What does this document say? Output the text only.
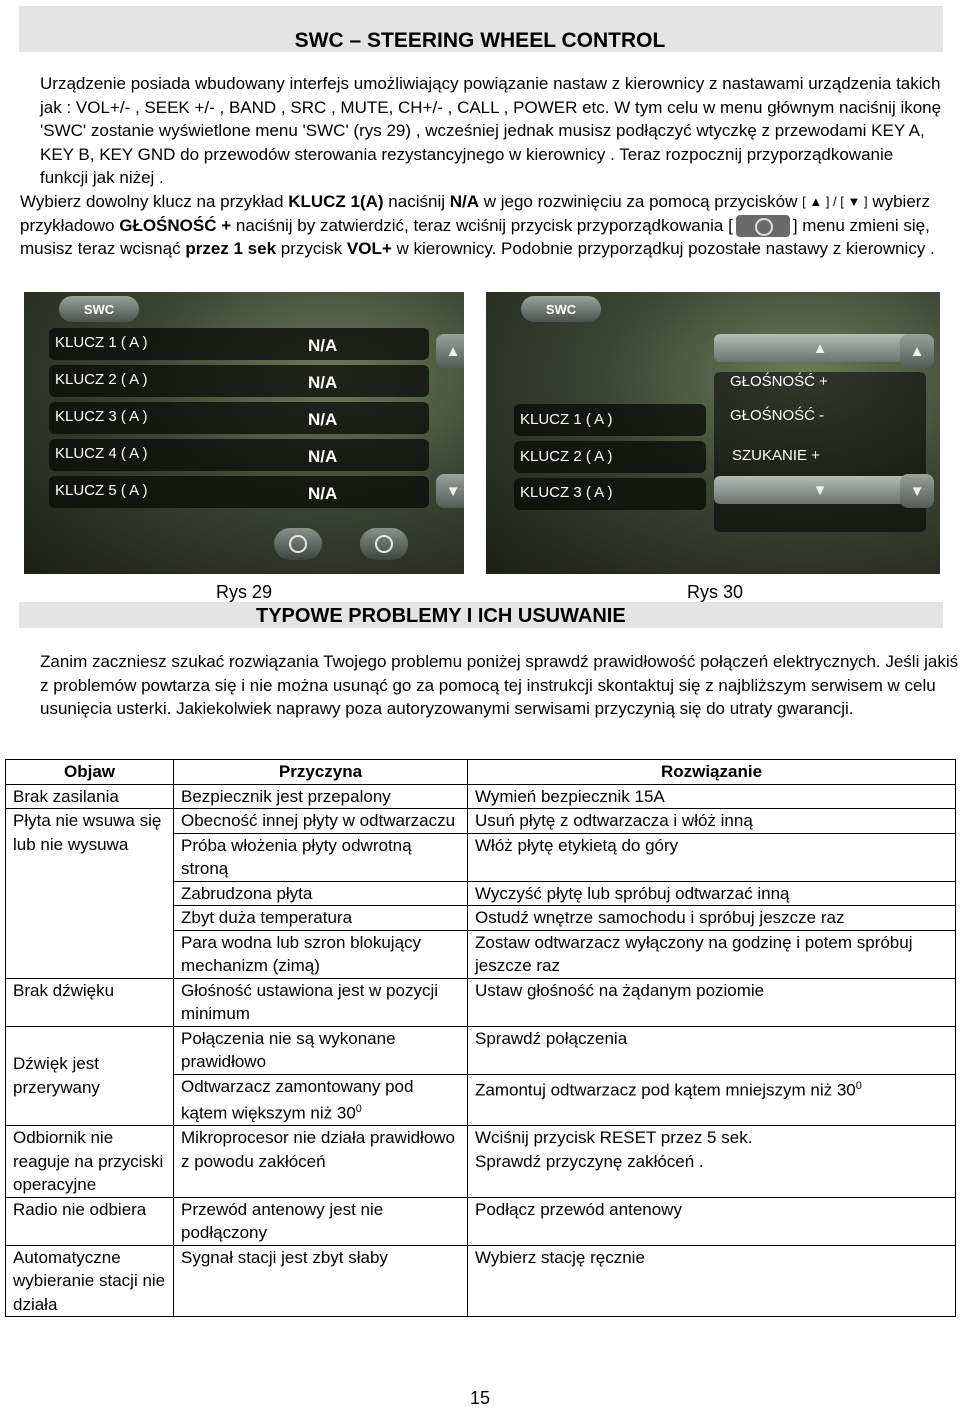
SWC – STEERING WHEEL CONTROL

Urządzenie posiada wbudowany interfejs umożliwiający powiązanie nastaw z kierownicy z nastawami urządzenia takich jak : VOL+/- , SEEK +/- , BAND , SRC , MUTE, CH+/- , CALL , POWER etc. W tym celu w menu głównym naciśnij ikonę 'SWC' zostanie wyświetlone menu 'SWC' (rys 29) , wcześniej jednak musisz podłączyć wtyczkę z przewodami KEY A, KEY B, KEY GND do przewodów sterowania rezystancyjnego w kierownicy . Teraz rozpocznij przyporządkowanie funkcji jak niżej .

Wybierz dowolny klucz na przykład KLUCZ 1(A) naciśnij N/A w jego rozwinięciu za pomocą przycisków [ ▲ ] / [ ▼ ] wybierz przykładowo GŁOŚNOŚĆ + naciśnij by zatwierdzić, teraz wciśnij przycisk przyporządkowania [	] menu zmieni się, musisz teraz wcisnąć przez 1 sek przycisk VOL+ w kierownicy. Podobnie przyporządkuj pozostałe nastawy z kierownicy .

SWC
KLUCZ 1 ( A )
KLUCZ 2 ( A )
KLUCZ 3 ( A )
KLUCZ 4 ( A )
KLUCZ 5 ( A )
N/A
N/A
N/A
N/A
N/A
▲
▼
SWC
▲
▼
GŁOŚNOŚĆ +
GŁOŚNOŚĆ -
SZUKANIE +
KLUCZ 1 ( A )
KLUCZ 2 ( A )
KLUCZ 3 ( A )
▲
▼
Rys 29	Rys 30
TYPOWE PROBLEMY I ICH USUWANIE

Zanim zaczniesz szukać rozwiązania Twojego problemu poniżej sprawdź prawidłowość połączeń elektrycznych. Jeśli jakiś z problemów powtarza się i nie można usunąć go za pomocą tej instrukcji skontaktuj się z najbliższym serwisem w celu usunięcia usterki. Jakiekolwiek naprawy poza autoryzowanymi serwisami przyczynią się do utraty gwarancji.

Objaw	Przyczyna	Rozwiązanie
Brak zasilania	Bezpiecznik jest przepalony	Wymień bezpiecznik 15A
Płyta nie wsuwa się lub nie wysuwa	Obecność innej płyty w odtwarzaczu	Usuń płytę z odtwarzacza i włóż inną
	Próba włożenia płyty odwrotną stroną	Włóż płytę etykietą do góry
	Zabrudzona płyta	Wyczyść płytę lub spróbuj odtwarzać inną
	Zbyt duża temperatura	Ostudź wnętrze samochodu i spróbuj jeszcze raz
	Para wodna lub szron blokujący mechanizm (zimą)	Zostaw odtwarzacz wyłączony na godzinę i potem spróbuj jeszcze raz
Brak dźwięku	Głośność ustawiona jest w pozycji minimum	Ustaw głośność na żądanym poziomie
Dźwięk jest przerywany	Połączenia nie są wykonane prawidłowo	Sprawdź połączenia
	Odtwarzacz zamontowany pod kątem większym niż $30^0$	Zamontuj odtwarzacz pod kątem mniejszym niż $30^0$
Odbiornik nie reaguje na przyciski operacyjne	Mikroprocesor nie działa prawidłowo z powodu zakłóceń	Wciśnij przycisk RESET przez 5 sek.
Sprawdź przyczynę zakłóceń .

Radio nie odbiera	Przewód antenowy jest nie podłączony	Podłącz przewód antenowy
Automatyczne wybieranie stacji nie działa	Sygnał stacji jest zbyt słaby	Wybierz stację ręcznie
15
